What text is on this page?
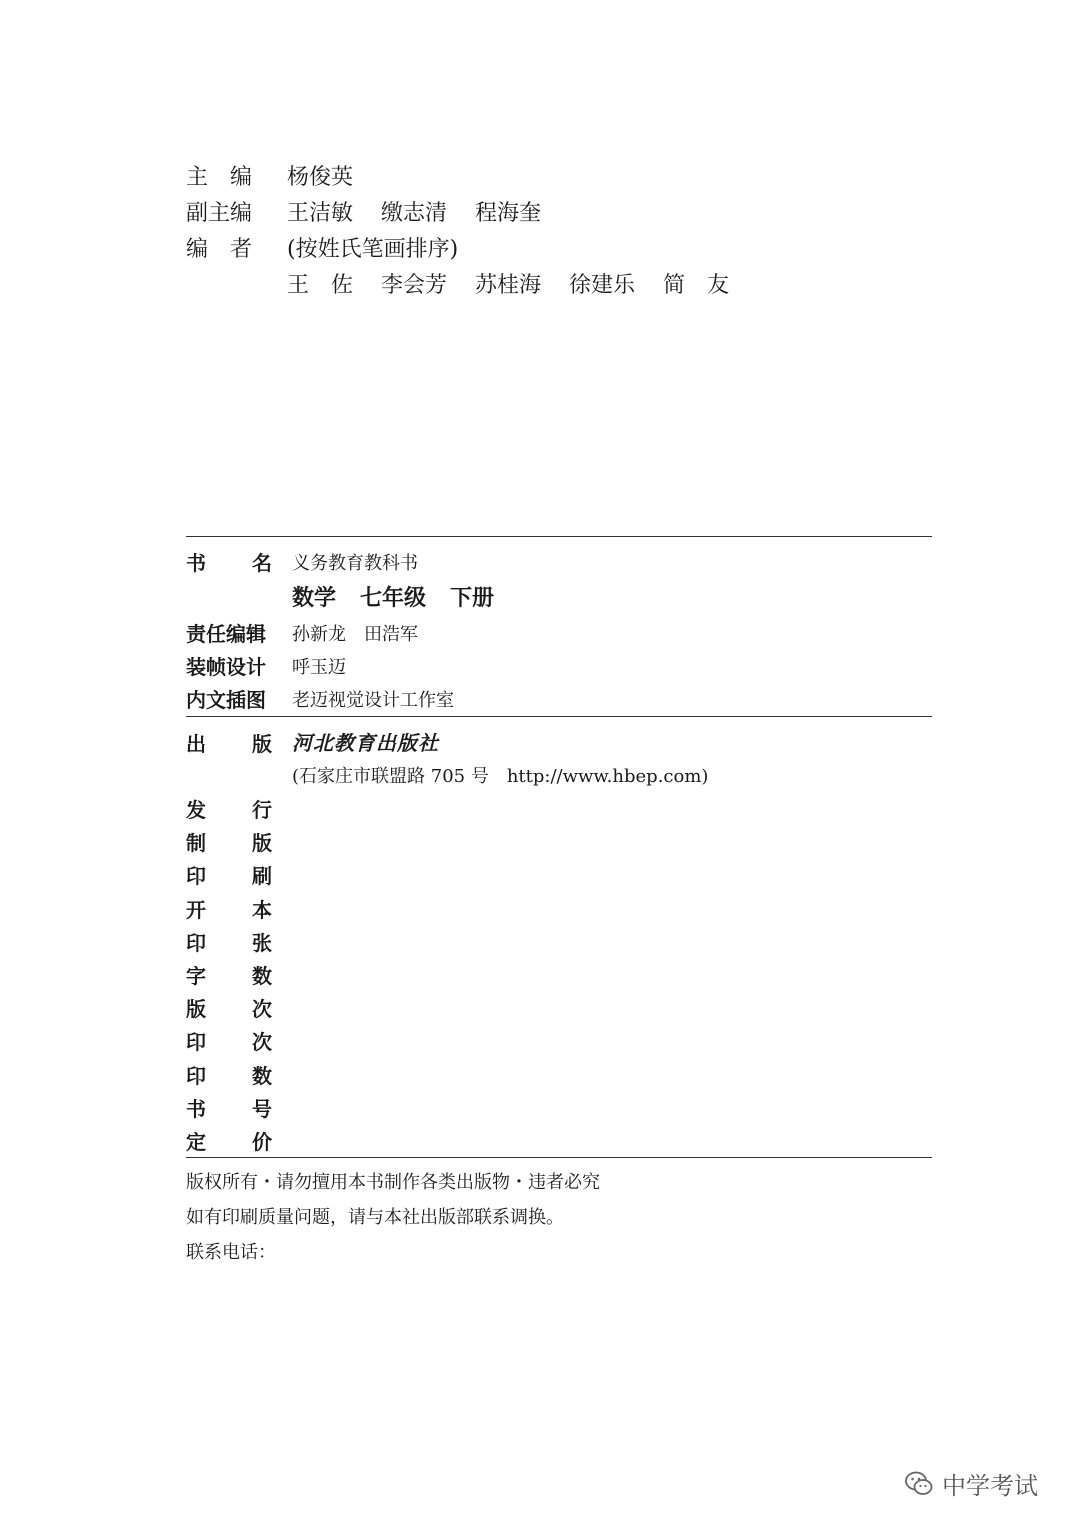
主　编 杨俊英
副主编 王洁敏 缴志清 程海奎
编　者 (按姓氏笔画排序)
王　佐 李会芳 苏桂海 徐建乐 简　友
书 名 义务教育教科书
数学 七年级 下册
责任编辑	孙新龙　田浩军
装帧设计	呼玉迈
内文插图	老迈视觉设计工作室
出 版 河北教育出版社
(石家庄市联盟路 705 号　http://www.hbep.com)
发 行
制 版
印 刷
开 本
印 张
字 数
版 次
印 次
印 数
书 号
定 价
版权所有・请勿擅用本书制作各类出版物・违者必究
如有印刷质量问题，请与本社出版部联系调换。
联系电话：
中学考试
